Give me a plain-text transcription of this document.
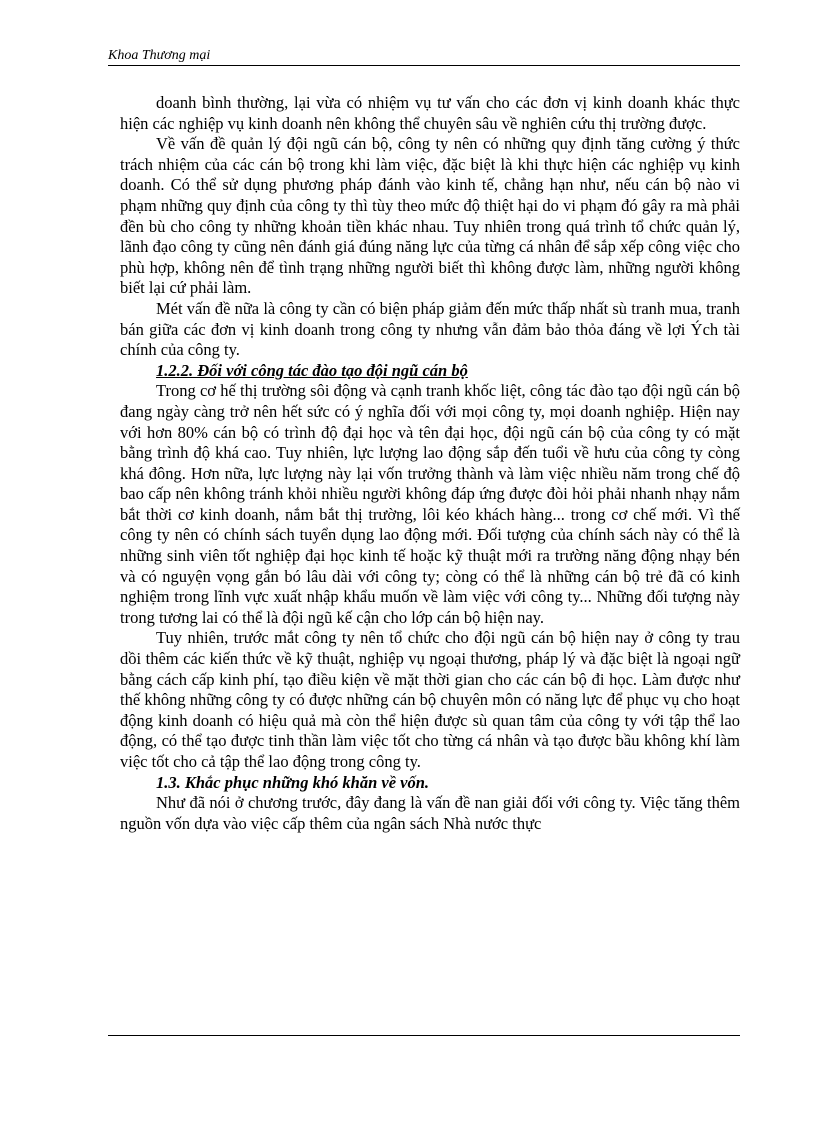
Khoa Thương mại

doanh bình thường, lại vừa có nhiệm vụ tư vấn cho các đơn vị kinh doanh khác thực hiện các nghiệp vụ kinh doanh nên không thể chuyên sâu về nghiên cứu thị trường được.

Về vấn đề quản lý đội ngũ cán bộ, công ty nên có những quy định tăng cường ý thức trách nhiệm của các cán bộ trong khi làm việc, đặc biệt là khi thực hiện các nghiệp vụ kinh doanh. Có thể sử dụng phương pháp đánh vào kinh tế, chẳng hạn như, nếu cán bộ nào vi phạm những quy định của công ty thì tùy theo mức độ thiệt hại do vi phạm đó gây ra mà phải đền bù cho công ty những khoản tiền khác nhau. Tuy nhiên trong quá trình tổ chức quản lý, lãnh đạo công ty cũng nên đánh giá đúng năng lực của từng cá nhân để sắp xếp công việc cho phù hợp, không nên để tình trạng những người biết thì không được làm, những người không biết lại cứ phải làm.

Mét vấn đề nữa là công ty cần có biện pháp giảm đến mức thấp nhất sù tranh mua, tranh bán giữa các đơn vị kinh doanh trong công ty nhưng vẫn đảm bảo thỏa đáng về lợi Ých tài chính của công ty.

1.2.2. Đối với công tác đào tạo đội ngũ cán bộ

Trong cơ hế thị trường sôi động và cạnh tranh khốc liệt, công tác đào tạo đội ngũ cán bộ đang ngày càng trở nên hết sức có ý nghĩa đối với mọi công ty, mọi doanh nghiệp. Hiện nay với hơn 80% cán bộ có trình độ đại học và tên đại học, đội ngũ cán bộ của công ty có mặt bằng trình độ khá cao. Tuy nhiên, lực lượng lao động sắp đến tuổi về hưu của công ty còng khá đông. Hơn nữa, lực lượng này lại vốn trưởng thành và làm việc nhiều năm trong chế độ bao cấp nên không tránh khỏi nhiều người không đáp ứng được đòi hỏi phải nhanh nhạy nắm bắt thời cơ kinh doanh, nắm bắt thị trường, lôi kéo khách hàng... trong cơ chế mới. Vì thế công ty nên có chính sách tuyển dụng lao động mới. Đối tượng của chính sách này có thể là những sinh viên tốt nghiệp đại học kinh tế hoặc kỹ thuật mới ra trường năng động nhạy bén và có nguyện vọng gắn bó lâu dài với công ty; còng có thể là những cán bộ trẻ đã có kinh nghiệm trong lĩnh vực xuất nhập khẩu muốn về làm việc với công ty... Những đối tượng này trong tương lai có thể là đội ngũ kế cận cho lớp cán bộ hiện nay.

Tuy nhiên, trước mắt công ty nên tổ chức cho đội ngũ cán bộ hiện nay ở công ty trau dồi thêm các kiến thức về kỹ thuật, nghiệp vụ ngoại thương, pháp lý và đặc biệt là ngoại ngữ bằng cách cấp kinh phí, tạo điều kiện về mặt thời gian cho các cán bộ đi học. Làm được như thế không những công ty có được những cán bộ chuyên môn có năng lực để phục vụ cho hoạt động kinh doanh có hiệu quả mà còn thể hiện được sù quan tâm của công ty với tập thể lao động, có thể tạo được tinh thần làm việc tốt cho từng cá nhân và tạo được bầu không khí làm việc tốt cho cả tập thể lao động trong công ty.

1.3. Khắc phục những khó khăn về vốn.

Như đã nói ở chương trước, đây đang là vấn đề nan giải đối với công ty. Việc tăng thêm nguồn vốn dựa vào việc cấp thêm của ngân sách Nhà nước thực
